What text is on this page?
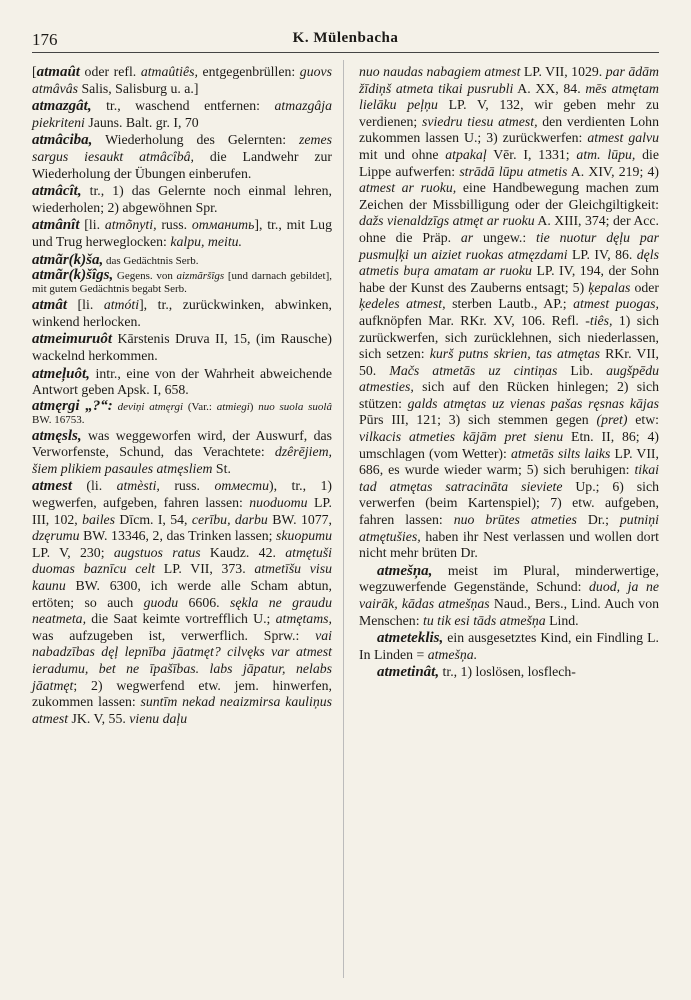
176	K. Mülenbacha

[atmaût oder refl. atmaûtiês, entgegenbrüllen: guovs atmâvâs Salis, Salisburg u. a.]

atmazgât, tr., waschend entfernen: atmazgâja piekriteni Jauns. Balt. gr. I, 70

atmâciba, Wiederholung des Gelernten: zemes sargus iesaukt atmâcîbâ, die Landwehr zur Wiederholung der Übungen einberufen.

atmâcît, tr., 1) das Gelernte noch einmal lehren, wiederholen; 2) abgewöhnen Spr.

atmânît [li. atmõnyti, russ. отманить], tr., mit Lug und Trug herweglocken: kalpu, meitu.

atmãr(k)ša, das Gedächtnis Serb.

atmãr(k)šîgs, Gegens. von aizmãršîgs [und darnach gebildet], mit gutem Gedächtnis begabt Serb.

atmât [li. atmóti], tr., zurückwinken, abwinken, winkend herlocken.

atmeimuruôt Kārstenis Druva II, 15, (im Rausche) wackelnd herkommen.

atmeļuôt, intr., eine von der Wahrheit abweichende Antwort geben Apsk. I, 658.

atmęrgi „?“: deviņi atmęrgi (Var.: atmiegi) nuo suola suolâ BW. 16753.

atmęsls, was weggeworfen wird, der Auswurf, das Verworfenste, Schund, das Verachtete: dzêrējiem, šiem plikiem pasaules atmęsliem St.

atmest (li. atmèsti, russ. отмести), tr., 1) wegwerfen, aufgeben, fahren lassen: nuoduomu LP. III, 102, bailes Dīcm. I, 54, cerību, darbu BW. 1077, dzęrumu BW. 13346, 2, das Trinken lassen; skuopumu LP. V, 230; augstuos ratus Kaudz. 42. atmętuši duomas baznīcu celt LP. VII, 373. atmetīšu visu kaunu BW. 6300, ich werde alle Scham abtun, ertöten; so auch guodu 6606. sękla ne graudu neatmeta, die Saat keimte vortrefflich U.; atmętams, was aufzugeben ist, verwerflich. Sprw.: vai nabadzības dęļ lepnība jāatmęt? cilvęks var atmest ieradumu, bet ne īpašības. labs jāpatur, nelabs jāatmęt; 2) wegwerfend etw. jem. hinwerfen, zukommen lassen: suntīm nekad neaizmirsa kauliņus atmest JK. V, 55. vienu daļu

nuo naudas nabagiem atmest LP. VII, 1029. par ādām žīdiņš atmeta tikai pusrubli A. XX, 84. mēs atmętam lielāku peļņu LP. V, 132, wir geben mehr zu verdienen; sviedru tiesu atmest, den verdienten Lohn zukommen lassen U.; 3) zurückwerfen: atmest galvu mit und ohne atpakaļ Vēr. I, 1331; atm. lūpu, die Lippe aufwerfen: strādā lūpu atmetis A. XIV, 219; 4) atmest ar ruoku, eine Handbewegung machen zum Zeichen der Missbilligung oder der Gleichgiltigkeit: dažs vienaldzīgs atmęt ar ruoku A. XIII, 374; der Acc. ohne die Präp. ar ungew.: tie nuotur dęļu par pusmuļķi un aiziet ruokas atmęzdami LP. IV, 86. dęls atmetis buŗa amatam ar ruoku LP. IV, 194, der Sohn habe der Kunst des Zauberns entsagt; 5) ķepalas oder ķedeles atmest, sterben Lautb., AP.; atmest puogas, aufknöpfen Mar. RKr. XV, 106. Refl. -tiês, 1) sich zurückwerfen, sich zurücklehnen, sich niederlassen, sich setzen: kurš putns skrien, tas atmętas RKr. VII, 50. Mačs atmetās uz cintiņas Lib. augšpēdu atmesties, sich auf den Rücken hinlegen; 2) sich stützen: galds atmętas uz vienas pašas ręsnas kājas Pūrs III, 121; 3) sich stemmen gegen (pret) etw: vilkacis atmeties kājām pret sienu Etn. II, 86; 4) umschlagen (vom Wetter): atmetās silts laiks LP. VII, 686, es wurde wieder warm; 5) sich beruhigen: tikai tad atmętas satracināta sieviete Up.; 6) sich verwerfen (beim Kartenspiel); 7) etw. aufgeben, fahren lassen: nuo brūtes atmeties Dr.; putniņi atmętušies, haben ihr Nest verlassen und wollen dort nicht mehr brüten Dr.

atmešņa, meist im Plural, minderwertige, wegzuwerfende Gegenstände, Schund: duod, ja ne vairāk, kādas atmešņas Naud., Bers., Lind. Auch von Menschen: tu tik esi tāds atmešņa Lind.

atmeteklis, ein ausgesetztes Kind, ein Findling L. In Linden = atmešņa.

atmetinât, tr., 1) loslösen, losflech-
